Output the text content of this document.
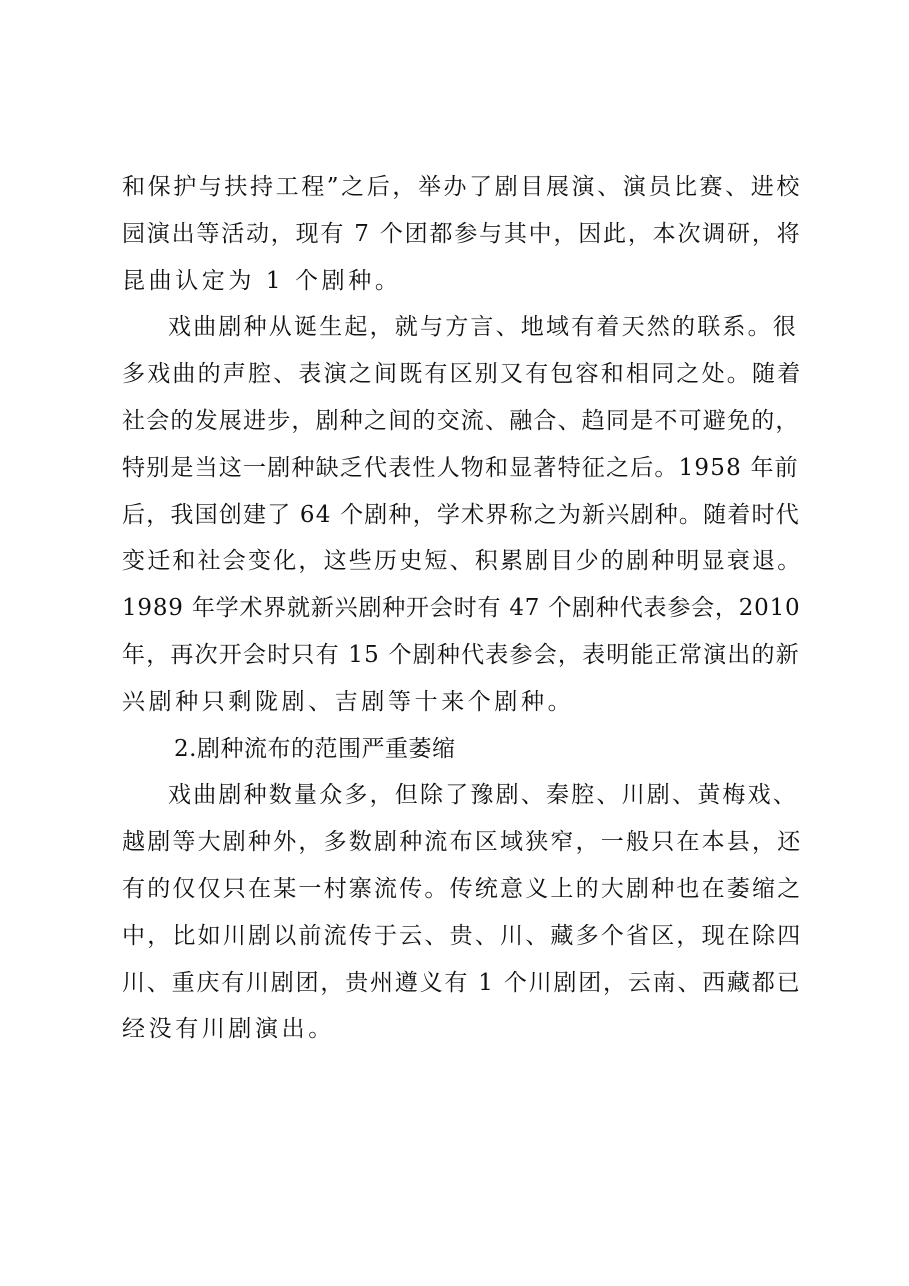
和保护与扶持工程”之后，举办了剧目展演、演员比赛、进校
园演出等活动，现有 7 个团都参与其中，因此，本次调研，将
昆曲认定为 1 个剧种。
戏曲剧种从诞生起，就与方言、地域有着天然的联系。很
多戏曲的声腔、表演之间既有区别又有包容和相同之处。随着
社会的发展进步，剧种之间的交流、融合、趋同是不可避免的，
特别是当这一剧种缺乏代表性人物和显著特征之后。1958 年前
后，我国创建了 64 个剧种，学术界称之为新兴剧种。随着时代
变迁和社会变化，这些历史短、积累剧目少的剧种明显衰退。
1989 年学术界就新兴剧种开会时有 47 个剧种代表参会，2010
年，再次开会时只有 15 个剧种代表参会，表明能正常演出的新
兴剧种只剩陇剧、吉剧等十来个剧种。
2.剧种流布的范围严重萎缩
戏曲剧种数量众多，但除了豫剧、秦腔、川剧、黄梅戏、
越剧等大剧种外，多数剧种流布区域狭窄，一般只在本县，还
有的仅仅只在某一村寨流传。传统意义上的大剧种也在萎缩之
中，比如川剧以前流传于云、贵、川、藏多个省区，现在除四
川、重庆有川剧团，贵州遵义有 1 个川剧团，云南、西藏都已
经没有川剧演出。
